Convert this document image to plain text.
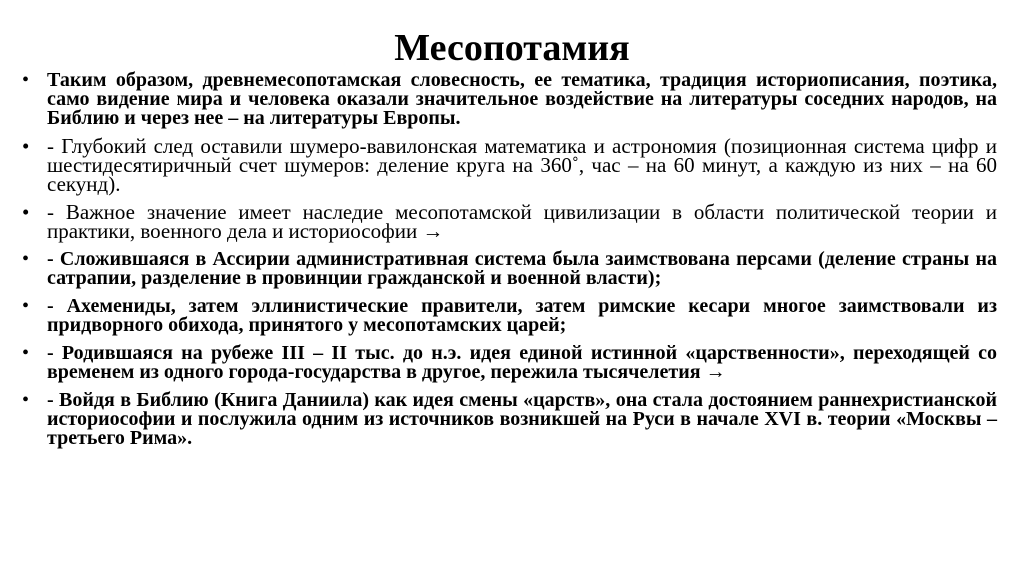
Месопотамия
• Таким образом, древнемесопотамская словесность, ее тематика, традиция историописания, поэтика, само видение мира и человека оказали значительное воздействие на литературы соседних народов, на Библию и через нее – на литературы Европы.
• - Глубокий след оставили шумеро-вавилонская математика и астрономия (позиционная система цифр и шестидесятиричный счет шумеров: деление круга на 360˚, час – на 60 минут, а каждую из них – на 60 секунд).
• - Важное значение имеет наследие месопотамской цивилизации в области политической теории и практики, военного дела и историософии →
• - Сложившаяся в Ассирии административная система была заимствована персами (деление страны на сатрапии, разделение в провинции гражданской и военной власти);
• - Ахемениды, затем эллинистические правители, затем римские кесари многое заимствовали из придворного обихода, принятого у месопотамских царей;
• - Родившаяся на рубеже III – II тыс. до н.э. идея единой истинной «царственности», переходящей со временем из одного города-государства в другое, пережила тысячелетия →
• - Войдя в Библию (Книга Даниила) как идея смены «царств», она стала достоянием раннехристианской историософии и послужила одним из источников возникшей на Руси в начале XVI в. теории «Москвы – третьего Рима».
